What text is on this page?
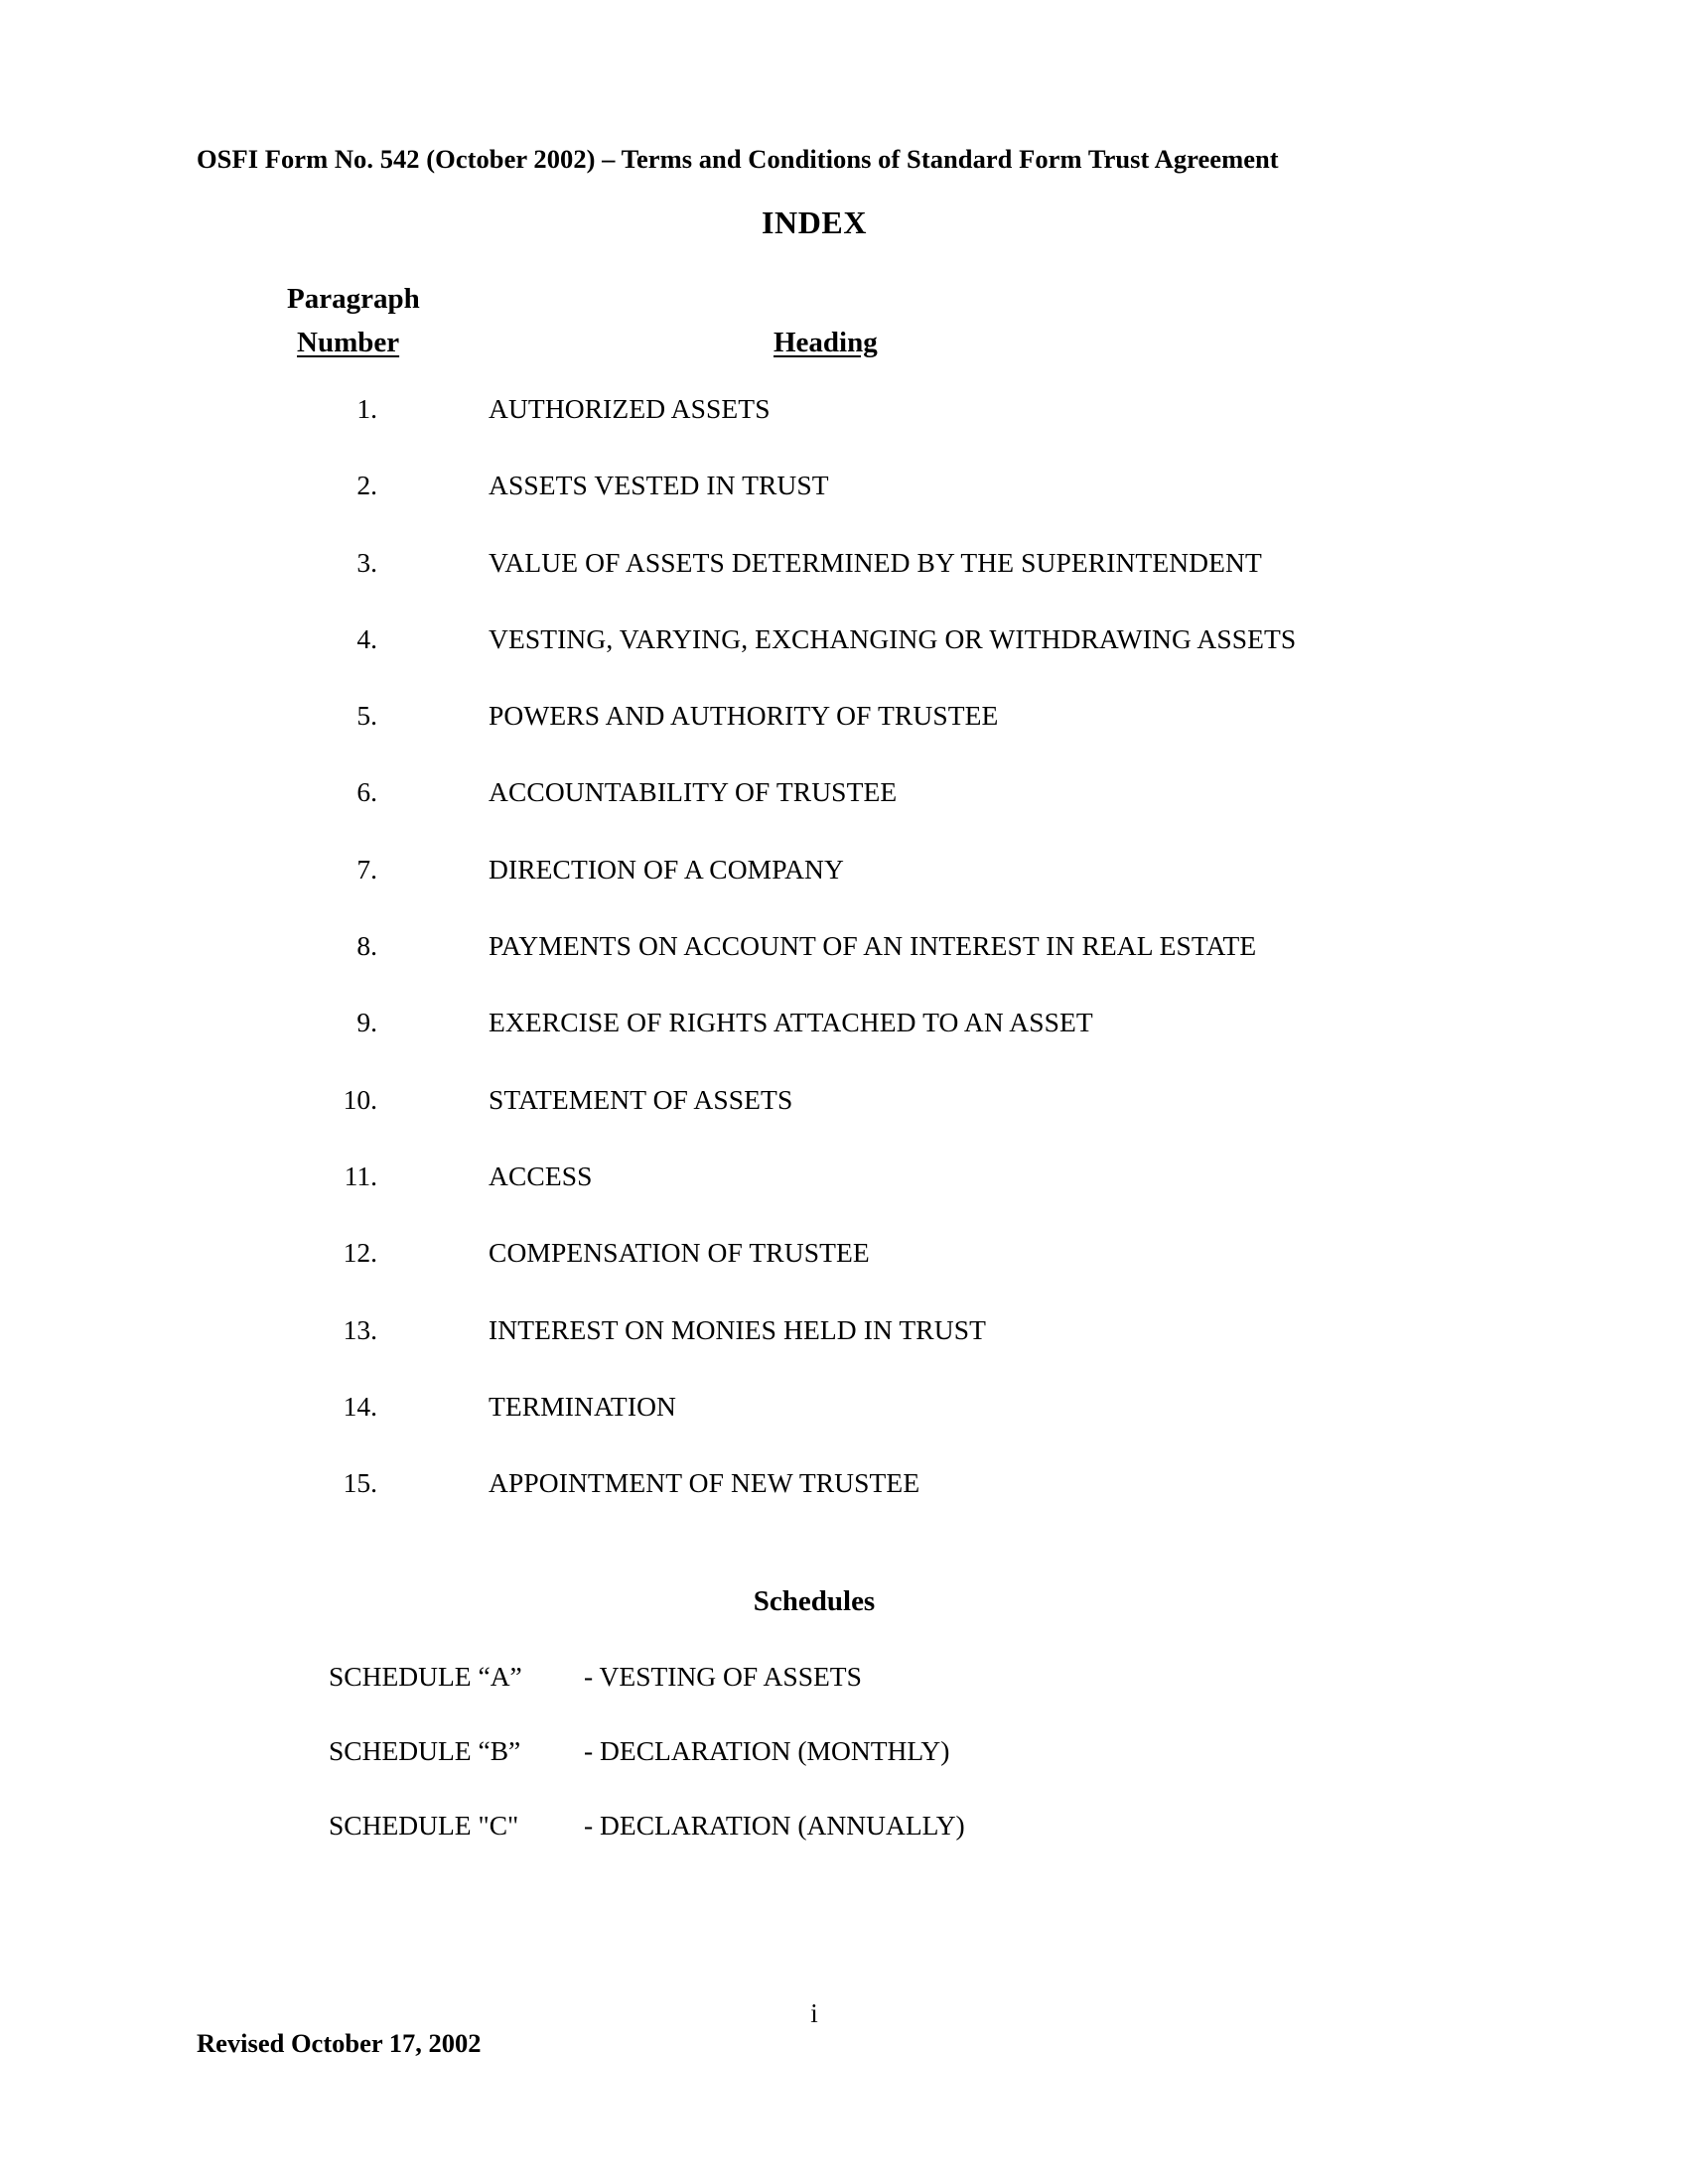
OSFI Form No. 542 (October 2002) – Terms and Conditions of Standard Form Trust Agreement
INDEX
Paragraph
Number	Heading
1.	AUTHORIZED ASSETS
2.	ASSETS VESTED IN TRUST
3.	VALUE OF ASSETS DETERMINED BY THE SUPERINTENDENT
4.	VESTING, VARYING, EXCHANGING OR WITHDRAWING ASSETS
5.	POWERS AND AUTHORITY OF TRUSTEE
6.	ACCOUNTABILITY OF TRUSTEE
7.	DIRECTION OF A COMPANY
8.	PAYMENTS ON ACCOUNT OF AN INTEREST IN REAL ESTATE
9.	EXERCISE OF RIGHTS ATTACHED TO AN ASSET
10.	STATEMENT OF ASSETS
11.	ACCESS
12.	COMPENSATION OF TRUSTEE
13.	INTEREST ON MONIES HELD IN TRUST
14.	TERMINATION
15.	APPOINTMENT OF NEW TRUSTEE
Schedules
SCHEDULE “A” - VESTING OF ASSETS
SCHEDULE “B” - DECLARATION (MONTHLY)
SCHEDULE "C" - DECLARATION (ANNUALLY)
i
Revised October 17, 2002
